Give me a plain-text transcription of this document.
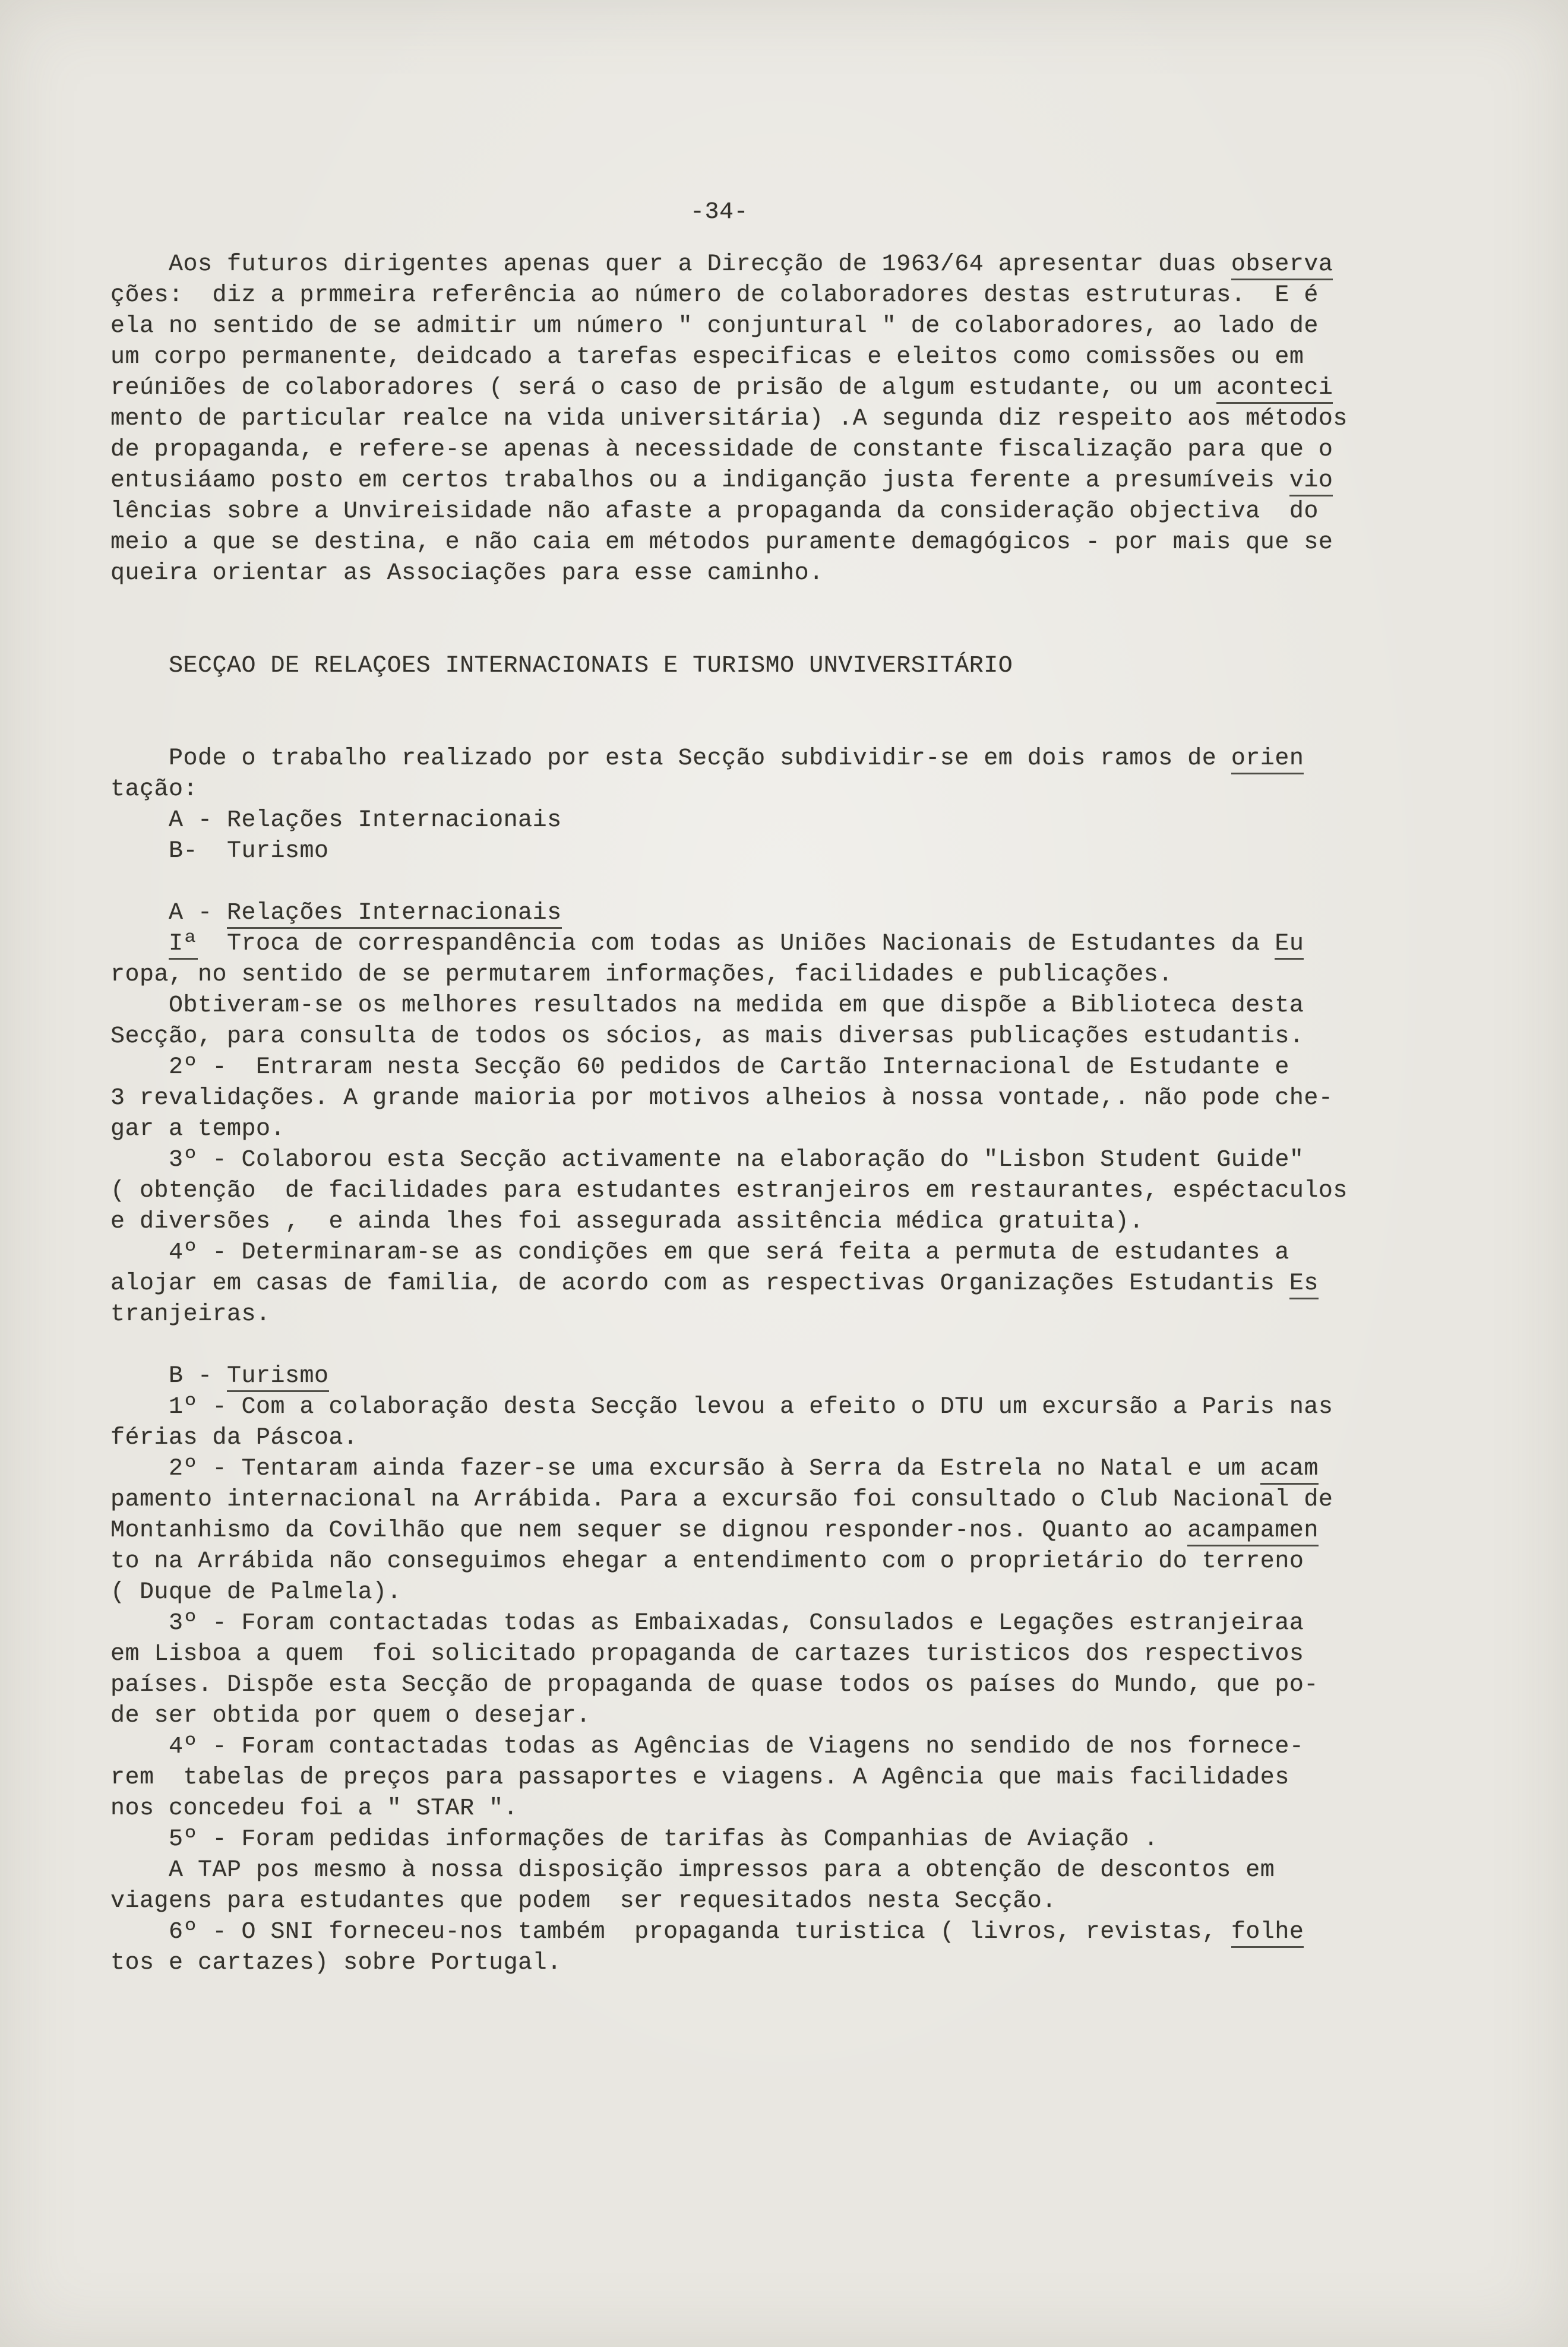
-34-
Aos futuros dirigentes apenas quer a Direcção de 1963/64 apresentar duas observa
ções:  diz a prmmeira referência ao número de colaboradores destas estruturas.  E é
ela no sentido de se admitir um número " conjuntural " de colaboradores, ao lado de
um corpo permanente, deidcado a tarefas especificas e eleitos como comissões ou em
reúniões de colaboradores ( será o caso de prisão de algum estudante, ou um aconteci
mento de particular realce na vida universitária) .A segunda diz respeito aos métodos
de propaganda, e refere-se apenas à necessidade de constante fiscalização para que o
entusiáamo posto em certos trabalhos ou a indiganção justa ferente a presumíveis vio
lências sobre a Unvireisidade não afaste a propaganda da consideração objectiva  do
meio a que se destina, e não caia em métodos puramente demagógicos - por mais que se
queira orientar as Associações para esse caminho.

SECÇAO DE RELAÇOES INTERNACIONAIS E TURISMO UNVIVERSITÁRIO

Pode o trabalho realizado por esta Secção subdividir-se em dois ramos de orien
tação:
A - Relações Internacionais
B-  Turismo

A - Relações Internacionais
Iª  Troca de correspandência com todas as Uniões Nacionais de Estudantes da Eu
ropa, no sentido de se permutarem informações, facilidades e publicações.
Obtiveram-se os melhores resultados na medida em que dispõe a Biblioteca desta
Secção, para consulta de todos os sócios, as mais diversas publicações estudantis.
2º -  Entraram nesta Secção 60 pedidos de Cartão Internacional de Estudante e
3 revalidações. A grande maioria por motivos alheios à nossa vontade,. não pode che-
gar a tempo.
3º - Colaborou esta Secção activamente na elaboração do "Lisbon Student Guide"
( obtenção  de facilidades para estudantes estranjeiros em restaurantes, espéctaculos
e diversões ,  e ainda lhes foi assegurada assitência médica gratuita).
4º - Determinaram-se as condições em que será feita a permuta de estudantes a
alojar em casas de familia, de acordo com as respectivas Organizações Estudantis Es
tranjeiras.

B - Turismo
1º - Com a colaboração desta Secção levou a efeito o DTU um excursão a Paris nas
férias da Páscoa.
2º - Tentaram ainda fazer-se uma excursão à Serra da Estrela no Natal e um acam
pamento internacional na Arrábida. Para a excursão foi consultado o Club Nacional de
Montanhismo da Covilhão que nem sequer se dignou responder-nos. Quanto ao acampamen
to na Arrábida não conseguimos ehegar a entendimento com o proprietário do terreno
( Duque de Palmela).
3º - Foram contactadas todas as Embaixadas, Consulados e Legações estranjeiraa
em Lisboa a quem  foi solicitado propaganda de cartazes turisticos dos respectivos
países. Dispõe esta Secção de propaganda de quase todos os países do Mundo, que po-
de ser obtida por quem o desejar.
4º - Foram contactadas todas as Agências de Viagens no sendido de nos fornece-
rem  tabelas de preços para passaportes e viagens. A Agência que mais facilidades
nos concedeu foi a " STAR ".
5º - Foram pedidas informações de tarifas às Companhias de Aviação .
A TAP pos mesmo à nossa disposição impressos para a obtenção de descontos em
viagens para estudantes que podem  ser requesitados nesta Secção.
6º - O SNI forneceu-nos também  propaganda turistica ( livros, revistas, folhe
tos e cartazes) sobre Portugal.
